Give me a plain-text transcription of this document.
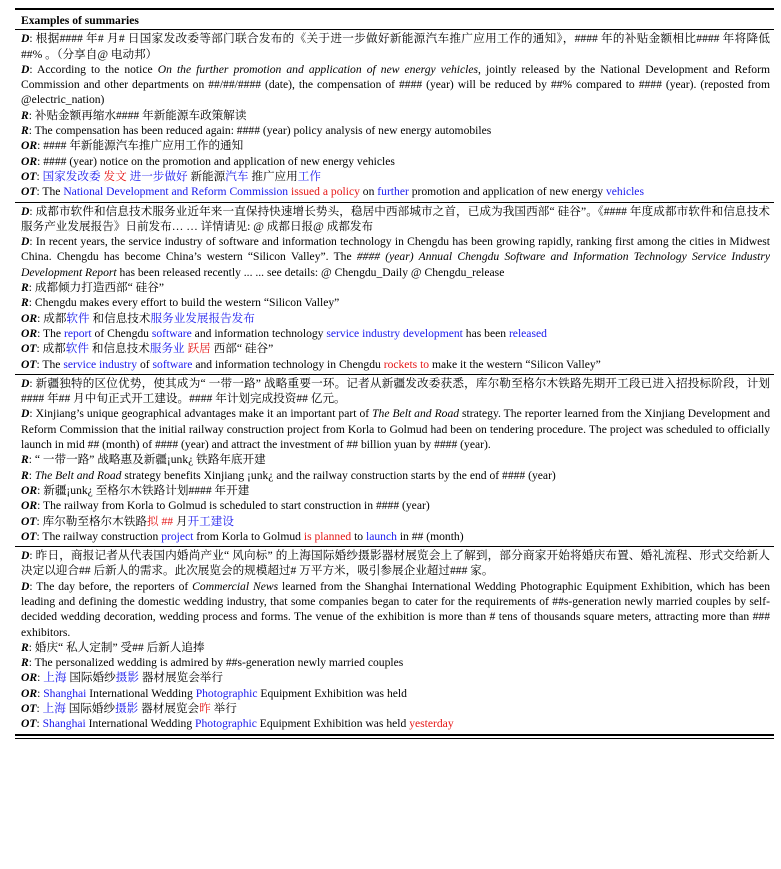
Examples of summaries
D: 根据#### 年# 月# 日国家发改委等部门联合发布的《关于进一步做好新能源汽车推广应用工作的通知》，#### 年的补贴金额相比#### 年将降低##% 。（分享自@ 电动邦）
D: According to the notice On the further promotion and application of new energy vehicles, jointly released by the National Development and Reform Commission and other departments on ##/##/#### (date), the compensation of #### (year) will be reduced by ##% compared to #### (year). (reposted from @electric_nation)
R: 补贴金额再缩水#### 年新能源车政策解读
R: The compensation has been reduced again: #### (year) policy analysis of new energy automobiles
OR: #### 年新能源汽车推广应用工作的通知
OR: #### (year) notice on the promotion and application of new energy vehicles
OT: 国家发改委 发文 进一步做好 新能源汽车 推广应用工作
OT: The National Development and Reform Commission issued a policy on further promotion and application of new energy vehicles
D: 成都市软件和信息技术服务业近年来一直保持快速增长势头，稳居中西部城市之首，已成为我国西部“ 硅谷”。《#### 年度成都市软件和信息技术服务产业发展报告》日前发布… … 详情请见: @ 成都日报@ 成都发布
D: In recent years, the service industry of software and information technology in Chengdu has been growing rapidly, ranking first among the cities in Midwest China. Chengdu has become China’s western “Silicon Valley”. The #### (year) Annual Chengdu Software and Information Technology Service Industry Development Report has been released recently ... ... see details: @ Chengdu_Daily @ Chengdu_release
R: 成都倾力打造西部“ 硅谷”
R: Chengdu makes every effort to build the western “Silicon Valley”
OR: 成都软件 和信息技术服务业发展报告发布
OR: The report of Chengdu software and information technology service industry development has been released
OT: 成都软件 和信息技术服务业 跃居 西部“ 硅谷”
OT: The service industry of software and information technology in Chengdu rockets to make it the western “Silicon Valley”
D: 新疆独特的区位优势，使其成为“ 一带一路” 战略重要一环。记者从新疆发改委获悉，库尔勒至格尔木铁路先期开工段已进入招投标阶段，计划#### 年## 月中旬正式开工建设。#### 年计划完成投资## 亿元。
D: Xinjiang’s unique geographical advantages make it an important part of The Belt and Road strategy. The reporter learned from the Xinjiang Development and Reform Commission that the initial railway construction project from Korla to Golmud had been on tendering procedure. The project was scheduled to officially launch in mid ## (month) of #### (year) and attract the investment of ## billion yuan by #### (year).
R: “ 一带一路” 战略惠及新疆¡unk¿ 铁路年底开建
R: The Belt and Road strategy benefits Xinjiang ¡unk¿ and the railway construction starts by the end of #### (year)
OR: 新疆¡unk¿ 至格尔木铁路计划#### 年开建
OR: The railway from Korla to Golmud is scheduled to start construction in #### (year)
OT: 库尔勒至格尔木铁路拟 ## 月开工建设
OT: The railway construction project from Korla to Golmud is planned to launch in ## (month)
D: 昨日，商报记者从代表国内婚尚产业“ 风向标” 的上海国际婚纱摄影器材展览会上了解到，部分商家开始将婚庆布置、婚礼流程、形式交给新人决定以迎合## 后新人的需求。此次展览会的规模超过# 万平方米，吸引参展企业超过### 家。
D: The day before, the reporters of Commercial News learned from the Shanghai International Wedding Photographic Equipment Exhibition, which has been leading and defining the domestic wedding industry, that some companies began to cater for the requirements of ##s-generation newly married couples by self-decided wedding decoration, wedding process and forms. The venue of the exhibition is more than # tens of thousands square meters, attracting more than ### exhibitors.
R: 婚庆“ 私人定制” 受## 后新人追捧
R: The personalized wedding is admired by ##s-generation newly married couples
OR: 上海 国际婚纱摄影 器材展览会举行
OR: Shanghai International Wedding Photographic Equipment Exhibition was held
OT: 上海 国际婚纱摄影 器材展览会昨 举行
OT: Shanghai International Wedding Photographic Equipment Exhibition was held yesterday
